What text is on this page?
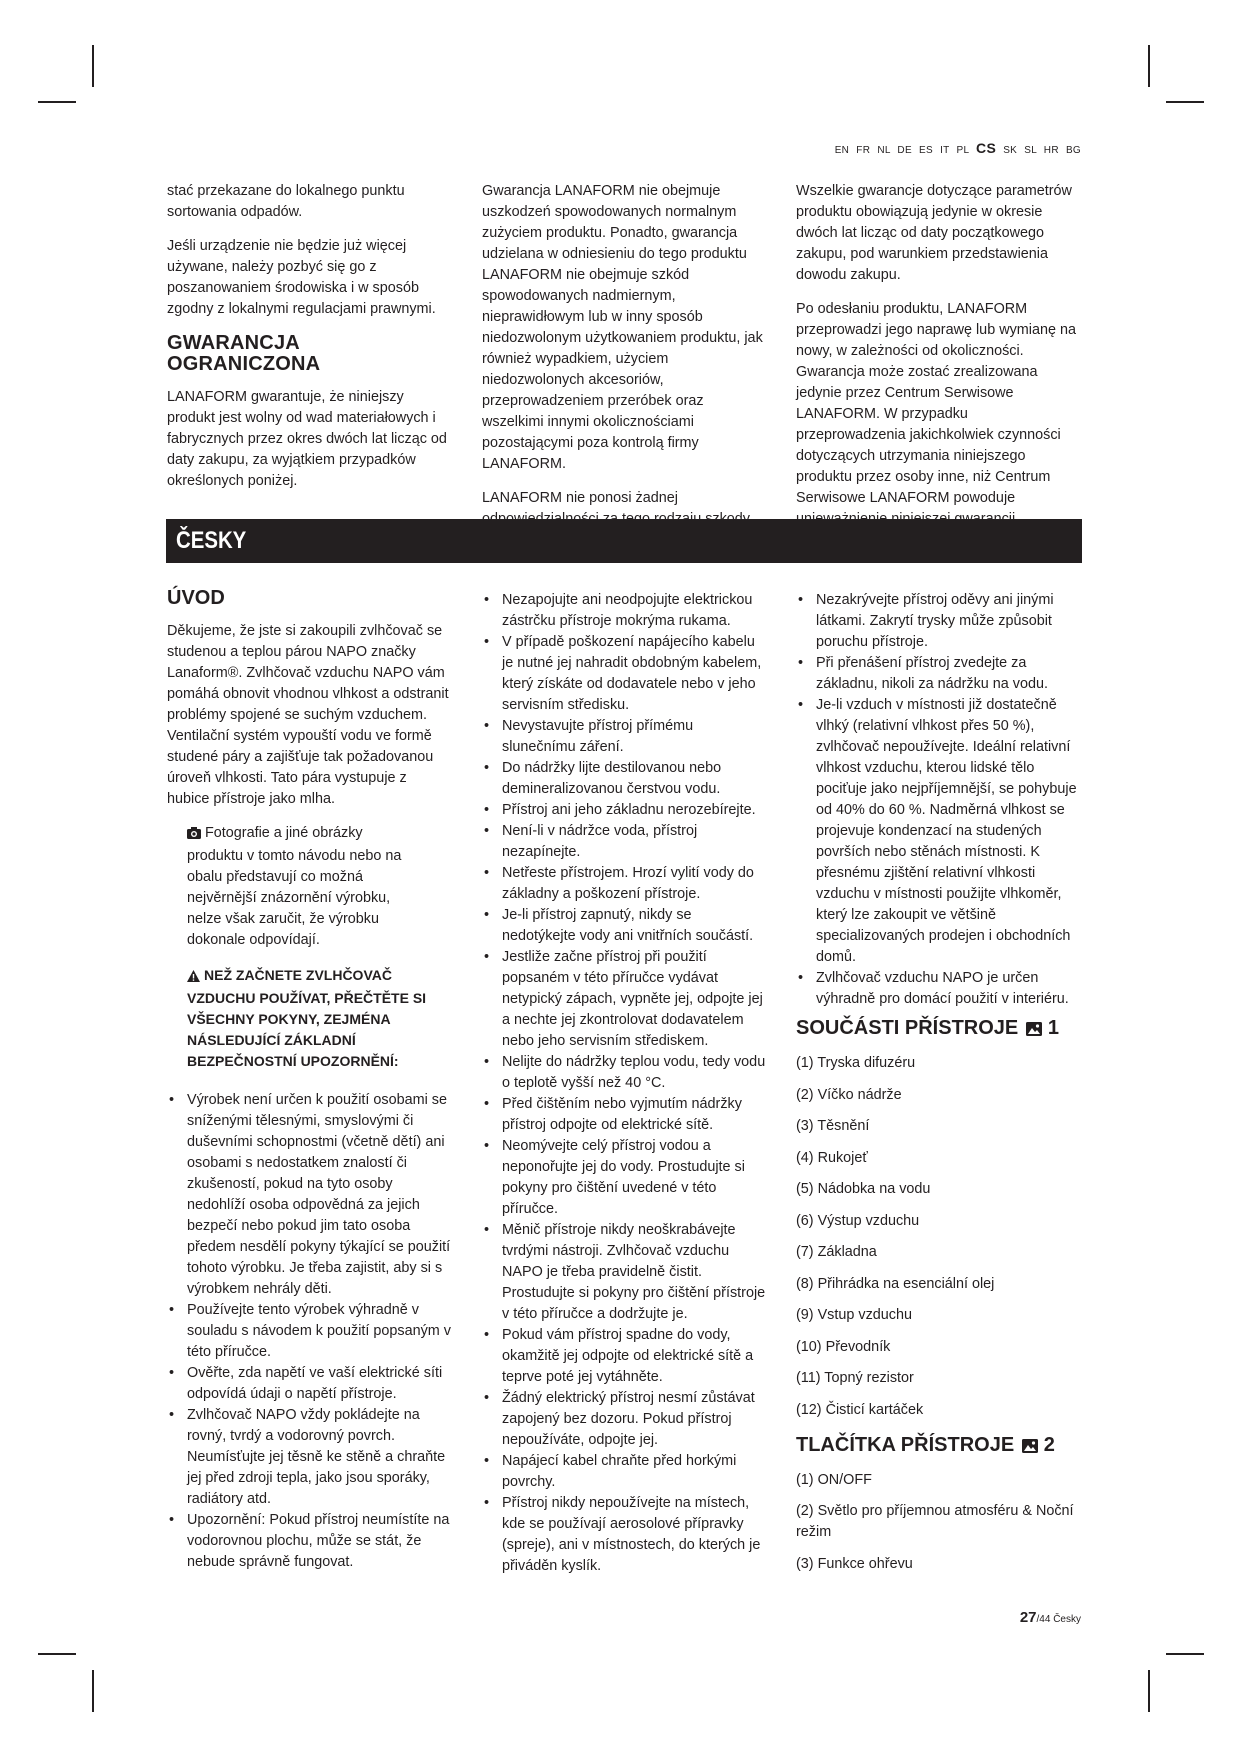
EN FR NL DE ES IT PL CS SK SL HR BG

stać przekazane do lokalnego punktu sortowania odpadów.

Jeśli urządzenie nie będzie już więcej używane, należy pozbyć się go z poszanowaniem środowiska i w sposób zgodny z lokalnymi regulacjami prawnymi.

GWARANCJA OGRANICZONA

LANAFORM gwarantuje, że niniejszy produkt jest wolny od wad materiałowych i fabrycznych przez okres dwóch lat licząc od daty zakupu, za wyjątkiem przypadków określonych poniżej.

Gwarancja LANAFORM nie obejmuje uszkodzeń spowodowanych normalnym zużyciem produktu. Ponadto, gwarancja udzielana w odniesieniu do tego produktu LANAFORM nie obejmuje szkód spowodowanych nadmiernym, nieprawidłowym lub w inny sposób niedozwolonym użytkowaniem produktu, jak również wypadkiem, użyciem niedozwolonych akcesoriów, przeprowadzeniem przeróbek oraz wszelkimi innymi okolicznościami pozostającymi poza kontrolą firmy LANAFORM.

LANAFORM nie ponosi żadnej

Wszelkie gwarancje dotyczące parametrów produktu obowiązują jedynie w okresie dwóch lat licząc od daty początkowego zakupu, pod warunkiem przedstawienia dowodu zakupu.

Po odesłaniu produktu, LANAFORM przeprowadzi jego naprawę lub wymianę na nowy, w zależności od okoliczności. Gwarancja może zostać zrealizowana jedynie przez Centrum Serwisowe LANAFORM. W przypadku przeprowadzenia jakichkolwiek czynności dotyczących utrzymania niniejszego produktu przez osoby inne, niż Centrum Serwisowe LANAFORM powoduje

ČESKY
ÚVOD

Děkujeme, že jste si zakoupili zvlhčovač se studenou a teplou párou NAPO značky Lanaform®. Zvlhčovač vzduchu NAPO vám pomáhá obnovit vhodnou vlhkost a odstranit problémy spojené se suchým vzduchem. Ventilační systém vypouští vodu ve formě studené páry a zajišťuje tak požadovanou úroveň vlhkosti. Tato pára vystupuje z hubice přístroje jako mlha.

Fotografie a jiné obrázky produktu v tomto návodu nebo na obalu představují co možná nejvěrnější znázornění výrobku, nelze však zaručit, že výrobku dokonale odpovídají.

NEŽ ZAČNETE ZVLHČOVAČ VZDUCHU POUŽÍVAT, PŘEČTĚTE SI VŠECHNY POKYNY, ZEJMÉNA NÁSLEDUJÍCÍ ZÁKLADNÍ BEZPEČNOSTNÍ UPOZORNĚNÍ:
• Výrobek není určen k použití osobami se sníženými tělesnými, smyslovými či duševními schopnostmi (včetně dětí) ani osobami s nedostatkem znalostí či zkušeností, pokud na tyto osoby nedohlíží osoba odpovědná za jejich bezpečí nebo pokud jim tato osoba předem nesdělí pokyny týkající se použití tohoto výrobku. Je třeba zajistit, aby si s výrobkem nehrály děti.
• Používejte tento výrobek výhradně v souladu s návodem k použití popsaným v této příručce.
• Ověřte, zda napětí ve vaší elektrické síti odpovídá údaji o napětí přístroje.
• Zvlhčovač NAPO vždy pokládejte na rovný, tvrdý a vodorovný povrch. Neumísťujte jej těsně ke stěně a chraňte jej před zdroji tepla, jako jsou sporáky, radiátory atd.
• Upozornění: Pokud přístroj neumístíte na vodorovnou plochu, může se stát, že nebude správně fungovat.
• Nezapojujte ani neodpojujte elektrickou zástrčku přístroje mokrýma rukama.
• V případě poškození napájecího kabelu je nutné jej nahradit obdobným kabelem, který získáte od dodavatele nebo v jeho servisním středisku.
• Nevystavujte přístroj přímému slunečnímu záření.
• Do nádržky lijte destilovanou nebo demineralizovanou čerstvou vodu.
• Přístroj ani jeho základnu nerozebírejte.
• Není-li v nádržce voda, přístroj nezapínejte.
• Netřeste přístrojem. Hrozí vylití vody do základny a poškození přístroje.
• Je-li přístroj zapnutý, nikdy se nedotýkejte vody ani vnitřních součástí.
• Jestliže začne přístroj při použití popsaném v této příručce vydávat netypický zápach, vypněte jej, odpojte jej a nechte jej zkontrolovat dodavatelem nebo jeho servisním střediskem.
• Nelijte do nádržky teplou vodu, tedy vodu o teplotě vyšší než 40 °C.
• Před čištěním nebo vyjmutím nádržky přístroj odpojte od elektrické sítě.
• Neomývejte celý přístroj vodou a neponořujte jej do vody. Prostudujte si pokyny pro čištění uvedené v této příručce.
• Měnič přístroje nikdy neoškrabávejte tvrdými nástroji. Zvlhčovač vzduchu NAPO je třeba pravidelně čistit. Prostudujte si pokyny pro čištění přístroje v této příručce a dodržujte je.
• Pokud vám přístroj spadne do vody, okamžitě jej odpojte od elektrické sítě a teprve poté jej vytáhněte.
• Žádný elektrický přístroj nesmí zůstávat zapojený bez dozoru. Pokud přístroj nepoužíváte, odpojte jej.
• Napájecí kabel chraňte před horkými povrchy.
• Přístroj nikdy nepoužívejte na místech, kde se používají aerosolové přípravky (spreje), ani v místnostech, do kterých je přiváděn kyslík.
• Nezakrývejte přístroj oděvy ani jinými látkami. Zakrytí trysky může způsobit poruchu přístroje.
• Při přenášení přístroj zvedejte za základnu, nikoli za nádržku na vodu.
• Je-li vzduch v místnosti již dostatečně vlhký (relativní vlhkost přes 50 %), zvlhčovač nepoužívejte. Ideální relativní vlhkost vzduchu, kterou lidské tělo pociťuje jako nejpříjemnější, se pohybuje od 40% do 60 %. Nadměrná vlhkost se projevuje kondenzací na studených površích nebo stěnách místnosti. K přesnému zjištění relativní vlhkosti vzduchu v místnosti použijte vlhkoměr, který lze zakoupit ve většině specializovaných prodejen i obchodních domů.
• Zvlhčovač vzduchu NAPO je určen výhradně pro domácí použití v interiéru.
SOUČÁSTI PŘÍSTROJE 1
(1) Tryska difuzéru
(2) Víčko nádrže
(3) Těsnění
(4) Rukojeť
(5) Nádobka na vodu
(6) Výstup vzduchu
(7) Základna
(8) Přihrádka na esenciální olej
(9) Vstup vzduchu
(10) Převodník
(11) Topný rezistor
(12) Čisticí kartáček
TLAČÍTKA PŘÍSTROJE 2
(1) ON/OFF
(2) Světlo pro příjemnou atmosféru & Noční režim
(3) Funkce ohřevu
27/44 Česky
